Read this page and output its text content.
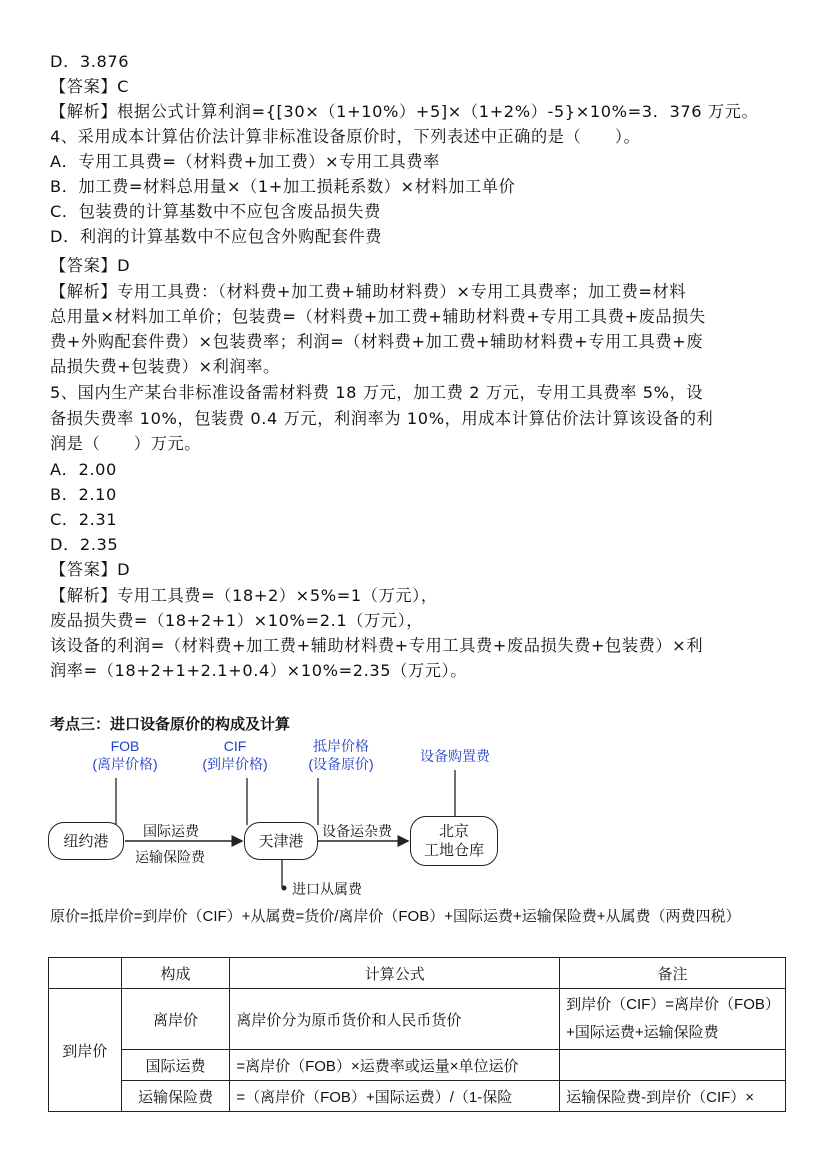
D．3.876
【答案】C
【解析】根据公式计算利润={[30×（1+10%）+5]×（1+2%）-5}×10%=3．376 万元。
4、采用成本计算估价法计算非标准设备原价时，下列表述中正确的是（　　）。
A．专用工具费=（材料费+加工费）×专用工具费率
B．加工费=材料总用量×（1+加工损耗系数）×材料加工单价
C．包装费的计算基数中不应包含废品损失费
D．利润的计算基数中不应包含外购配套件费
【答案】D
【解析】专用工具费：（材料费+加工费+辅助材料费）×专用工具费率；加工费=材料
总用量×材料加工单价；包装费=（材料费+加工费+辅助材料费+专用工具费+废品损失
费+外购配套件费）×包装费率；利润=（材料费+加工费+辅助材料费+专用工具费+废
品损失费+包装费）×利润率。
5、国内生产某台非标准设备需材料费 18 万元，加工费 2 万元，专用工具费率 5%，设
备损失费率 10%，包装费 0.4 万元，利润率为 10%，用成本计算估价法计算该设备的利
润是（　　）万元。
A．2.00
B．2.10
C．2.31
D．2.35
【答案】D
【解析】专用工具费=（18+2）×5%=1（万元），
废品损失费=（18+2+1）×10%=2.1（万元），
该设备的利润=（材料费+加工费+辅助材料费+专用工具费+废品损失费+包装费）×利
润率=（18+2+1+2.1+0.4）×10%=2.35（万元）。
考点三：进口设备原价的构成及计算
FOB
(离岸价格)
CIF
(到岸价格)
抵岸价格
(设备原价)	设备购置费
纽约港	天津港
北京
工地仓库
国际运费
运输保险费
设备运杂费
进口从属费
原价=抵岸价=到岸价（CIF）+从属费=货价/离岸价（FOB）+国际运费+运输保险费+从属费（两费四税）
	构成	计算公式	备注
到岸价	离岸价	离岸价分为原币货价和人民币货价	到岸价（CIF）=离岸价（FOB）
+国际运费+运输保险费

	国际运费	=离岸价（FOB）×运费率或运量×单位运价	
	运输保险费	=（离岸价（FOB）+国际运费）/（1-保险	运输保险费-到岸价（CIF）×
